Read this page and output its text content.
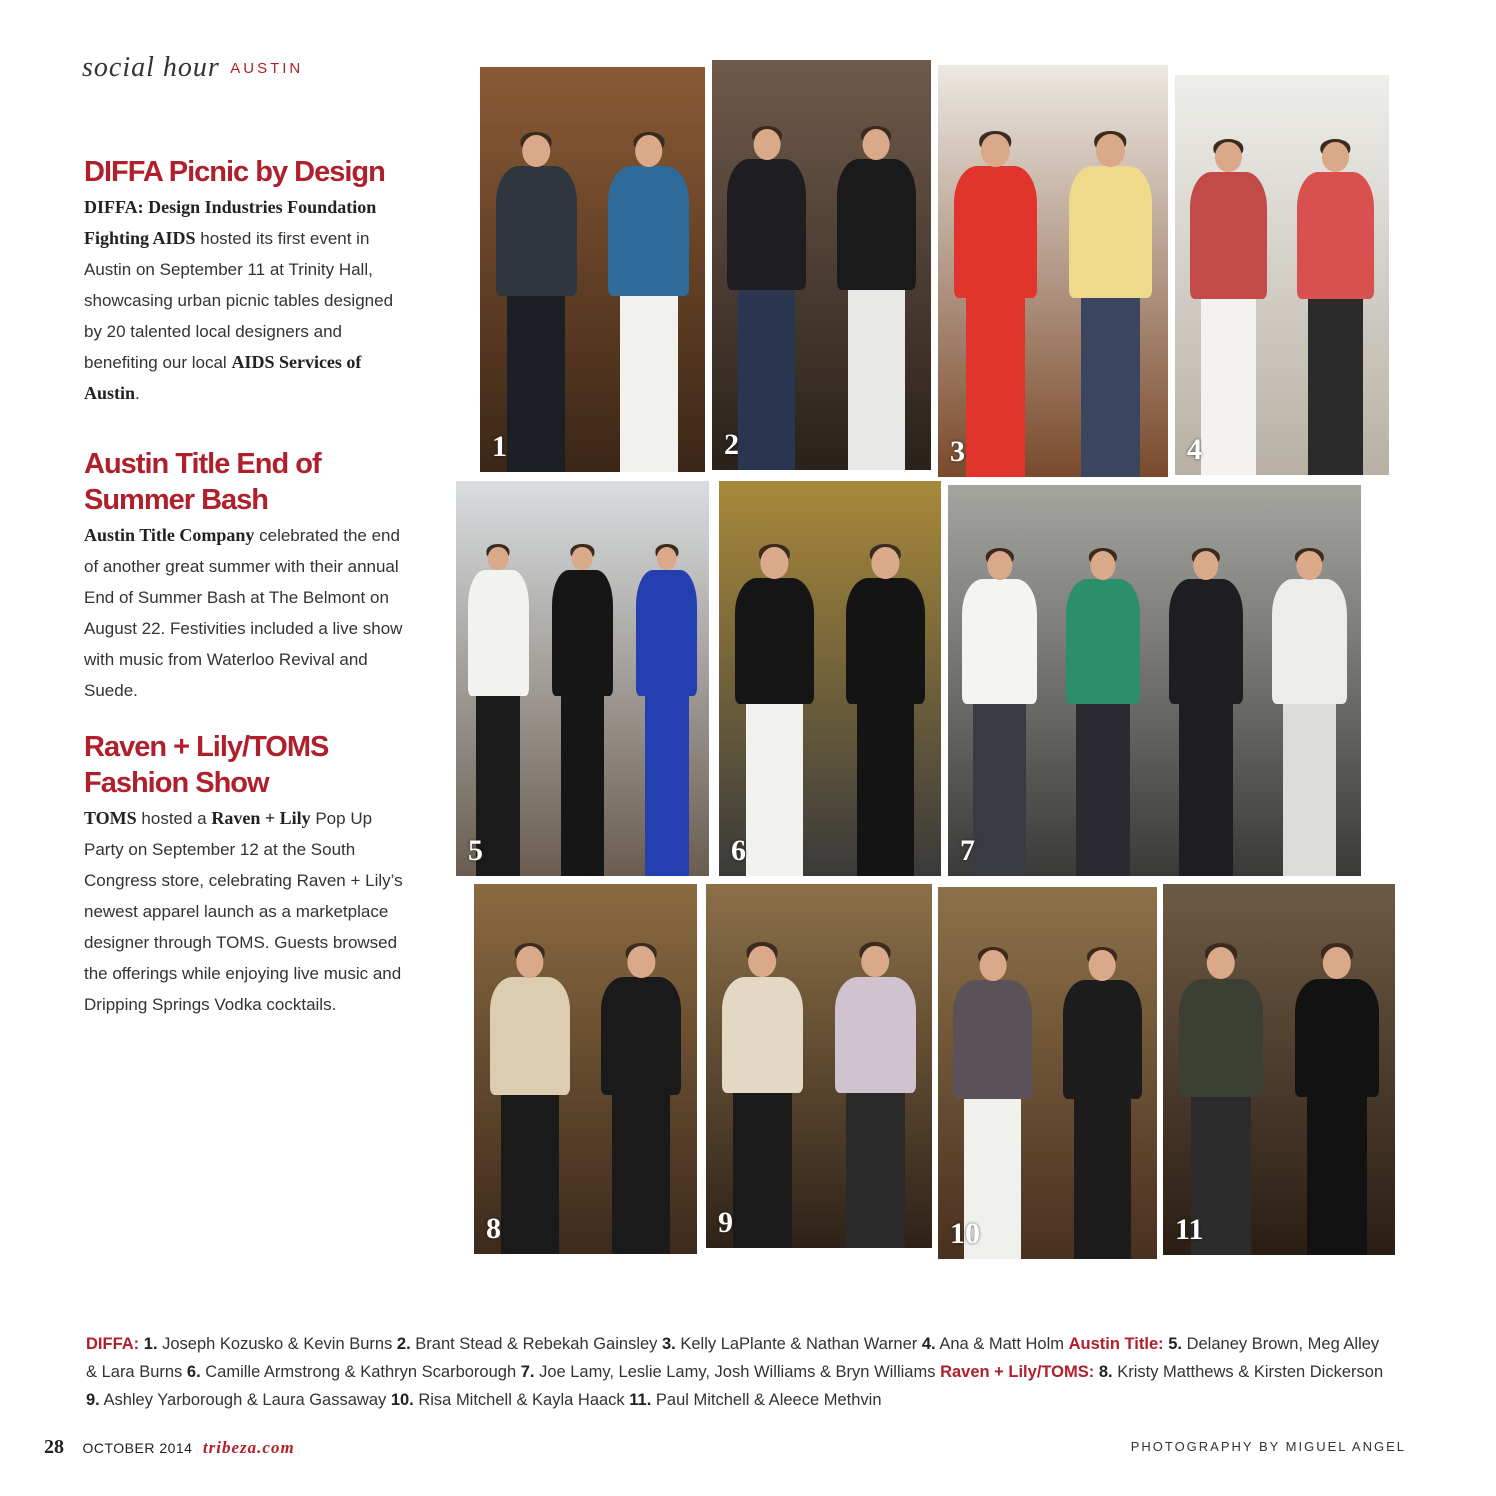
social hour AUSTIN
DIFFA Picnic by Design

DIFFA: Design Industries Foundation Fighting AIDS hosted its first event in Austin on September 11 at Trinity Hall, showcasing urban picnic tables designed by 20 talented local designers and benefiting our local AIDS Services of Austin.

Austin Title End of Summer Bash

Austin Title Company celebrated the end of another great summer with their annual End of Summer Bash at The Belmont on August 22. Festivities included a live show with music from Waterloo Revival and Suede.

Raven + Lily/TOMS Fashion Show

TOMS hosted a Raven + Lily Pop Up Party on September 12 at the South Congress store, celebrating Raven + Lily’s newest apparel launch as a marketplace designer through TOMS. Guests browsed the offerings while enjoying live music and Dripping Springs Vodka cocktails.

1	2	3	4
5	6	7
8	9	10	11
DIFFA: 1. Joseph Kozusko & Kevin Burns 2. Brant Stead & Rebekah Gainsley 3. Kelly LaPlante & Nathan Warner 4. Ana & Matt Holm Austin Title: 5. Delaney Brown, Meg Alley & Lara Burns 6. Camille Armstrong & Kathryn Scarborough 7. Joe Lamy, Leslie Lamy, Josh Williams & Bryn Williams Raven + Lily/TOMS: 8. Kristy Matthews & Kirsten Dickerson 9. Ashley Yarborough & Laura Gassaway 10. Risa Mitchell & Kayla Haack 11. Paul Mitchell & Aleece Methvin
28 OCTOBER 2014 tribeza.com	PHOTOGRAPHY BY MIGUEL ANGEL
